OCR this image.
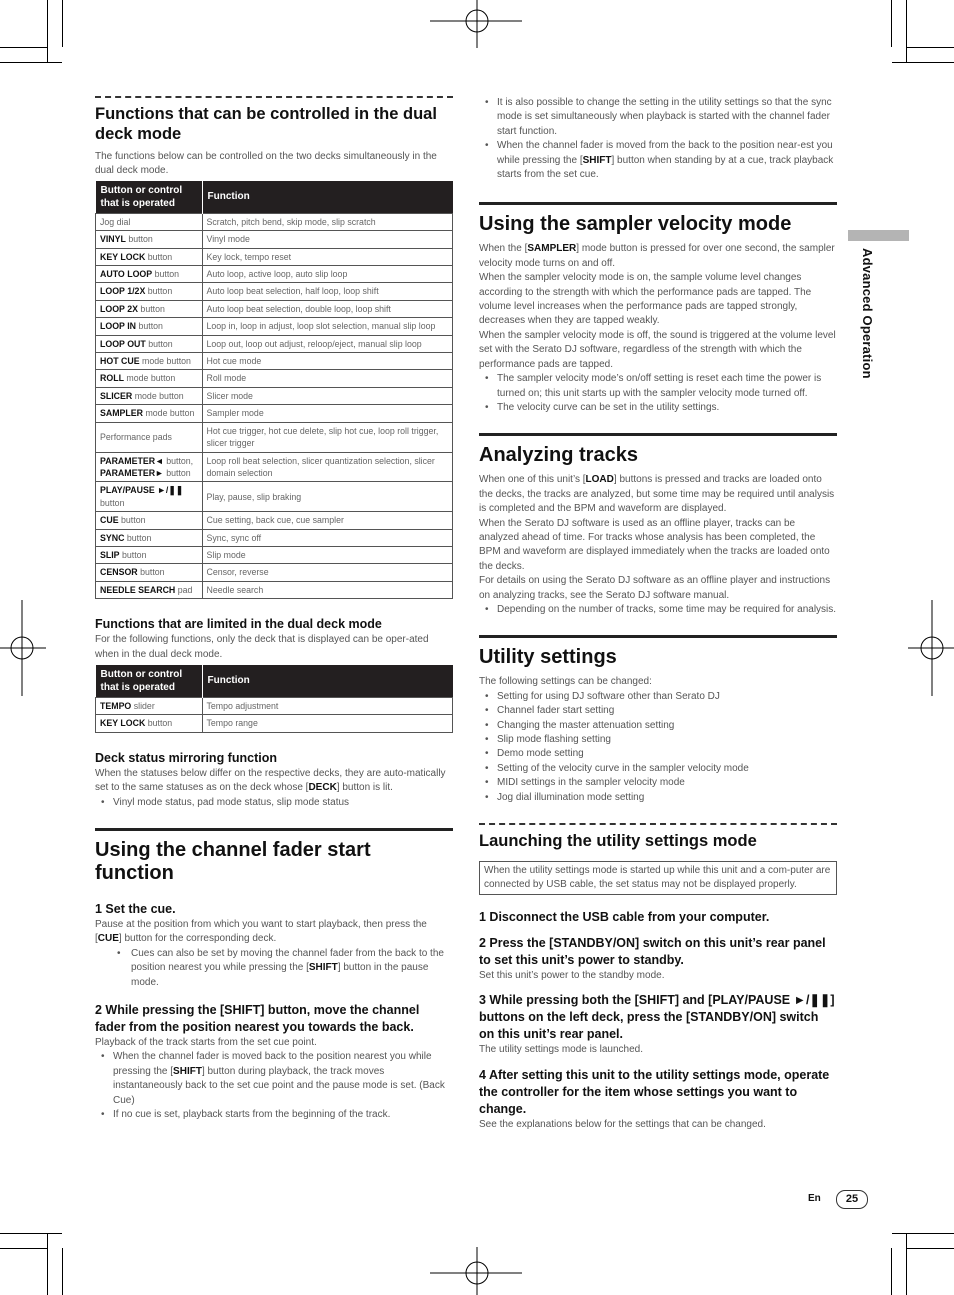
Functions that can be controlled in the dual deck mode

The functions below can be controlled on the two decks simultaneously in the dual deck mode.

Button or control that is operated	Function
Jog dial	Scratch, pitch bend, skip mode, slip scratch
VINYL button	Vinyl mode
KEY LOCK button	Key lock, tempo reset
AUTO LOOP button	Auto loop, active loop, auto slip loop
LOOP 1/2X button	Auto loop beat selection, half loop, loop shift
LOOP 2X button	Auto loop beat selection, double loop, loop shift
LOOP IN button	Loop in, loop in adjust, loop slot selection, manual slip loop
LOOP OUT button	Loop out, loop out adjust, reloop/eject, manual slip loop
HOT CUE mode button	Hot cue mode
ROLL mode button	Roll mode
SLICER mode button	Slicer mode
SAMPLER mode button	Sampler mode
Performance pads	Hot cue trigger, hot cue delete, slip hot cue, loop roll trigger, slicer trigger
PARAMETER◄ button, PARAMETER► button	Loop roll beat selection, slicer quantization selection, slicer domain selection
PLAY/PAUSE ►/❚❚ button	Play, pause, slip braking
CUE button	Cue setting, back cue, cue sampler
SYNC button	Sync, sync off
SLIP button	Slip mode
CENSOR button	Censor, reverse
NEEDLE SEARCH pad	Needle search
Functions that are limited in the dual deck mode

For the following functions, only the deck that is displayed can be oper-ated when in the dual deck mode.

Button or control that is operated	Function
TEMPO slider	Tempo adjustment
KEY LOCK button	Tempo range
Deck status mirroring function

When the statuses below differ on the respective decks, they are auto-matically set to the same statuses as on the deck whose [DECK] button is lit.

• Vinyl mode status, pad mode status, slip mode status
Using the channel fader start function

1 Set the cue.

Pause at the position from which you want to start playback, then press the [CUE] button for the corresponding deck.

• Cues can also be set by moving the channel fader from the back to the position nearest you while pressing the [SHIFT] button in the pause mode.

2 While pressing the [SHIFT] button, move the channel fader from the position nearest you towards the back.

Playback of the track starts from the set cue point.

• When the channel fader is moved back to the position nearest you while pressing the [SHIFT] button during playback, the track moves instantaneously back to the set cue point and the pause mode is set. (Back Cue)
• If no cue is set, playback starts from the beginning of the track.
• It is also possible to change the setting in the utility settings so that the sync mode is set simultaneously when playback is started with the channel fader start function.
• When the channel fader is moved from the back to the position near-est you while pressing the [SHIFT] button when standing by at a cue, track playback starts from the set cue.
Using the sampler velocity mode

When the [SAMPLER] mode button is pressed for over one second, the sampler velocity mode turns on and off.

When the sampler velocity mode is on, the sample volume level changes according to the strength with which the performance pads are tapped. The volume level increases when the performance pads are tapped strongly, decreases when they are tapped weakly.

When the sampler velocity mode is off, the sound is triggered at the volume level set with the Serato DJ software, regardless of the strength with which the performance pads are tapped.

• The sampler velocity mode’s on/off setting is reset each time the power is turned on; this unit starts up with the sampler velocity mode turned off.
• The velocity curve can be set in the utility settings.
Analyzing tracks

When one of this unit’s [LOAD] buttons is pressed and tracks are loaded onto the decks, the tracks are analyzed, but some time may be required until analysis is completed and the BPM and waveform are displayed.

When the Serato DJ software is used as an offline player, tracks can be analyzed ahead of time. For tracks whose analysis has been completed, the BPM and waveform are displayed immediately when the tracks are loaded onto the decks.

For details on using the Serato DJ software as an offline player and instructions on analyzing tracks, see the Serato DJ software manual.

• Depending on the number of tracks, some time may be required for analysis.
Utility settings

The following settings can be changed:

• Setting for using DJ software other than Serato DJ
• Channel fader start setting
• Changing the master attenuation setting
• Slip mode flashing setting
• Demo mode setting
• Setting of the velocity curve in the sampler velocity mode
• MIDI settings in the sampler velocity mode
• Jog dial illumination mode setting
Launching the utility settings mode
When the utility settings mode is started up while this unit and a com-puter are connected by USB cable, the set status may not be displayed properly.

1 Disconnect the USB cable from your computer.

2 Press the [STANDBY/ON] switch on this unit’s rear panel to set this unit’s power to standby.

Set this unit’s power to the standby mode.

3 While pressing both the [SHIFT] and [PLAY/PAUSE ►/❚❚] buttons on the left deck, press the [STANDBY/ON] switch on this unit’s rear panel.

The utility settings mode is launched.

4 After setting this unit to the utility settings mode, operate the controller for the item whose settings you want to change.

See the explanations below for the settings that can be changed.

Advanced Operation
En	25
